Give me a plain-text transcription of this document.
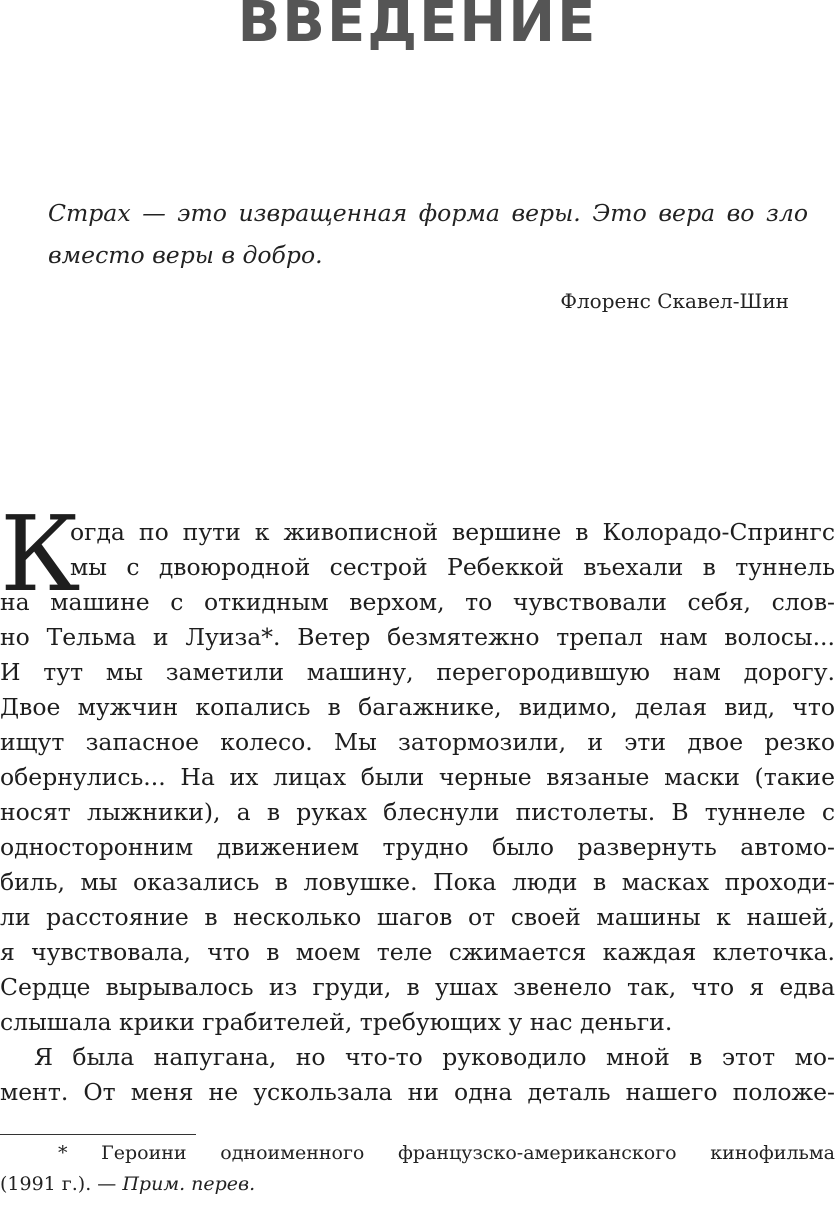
ВВЕДЕНИЕ
Страх — это извращенная форма веры. Это вера во зло
вместо веры в добро.
Флоренс Скавел-Шин
К
огда по пути к живописной вершине в Колорадо-Спрингс
мы с двоюродной сестрой Ребеккой въехали в туннель
на машине с откидным верхом, то чувствовали себя, слов-
но Тельма и Луиза*. Ветер безмятежно трепал нам волосы...
И тут мы заметили машину, перегородившую нам дорогу.
Двое мужчин копались в багажнике, видимо, делая вид, что
ищут запасное колесо. Мы затормозили, и эти двое резко
обернулись... На их лицах были черные вязаные маски (такие
носят лыжники), а в руках блеснули пистолеты. В туннеле с
односторонним движением трудно было развернуть автомо-
биль, мы оказались в ловушке. Пока люди в масках проходи-
ли расстояние в несколько шагов от своей машины к нашей,
я чувствовала, что в моем теле сжимается каждая клеточка.
Сердце вырывалось из груди, в ушах звенело так, что я едва
слышала крики грабителей, требующих у нас деньги.
Я была напугана, но что-то руководило мной в этот мо-
мент. От меня не ускользала ни одна деталь нашего положе-
* Героини одноименного французско-американского кинофильма
(1991 г.). — Прим. перев.
